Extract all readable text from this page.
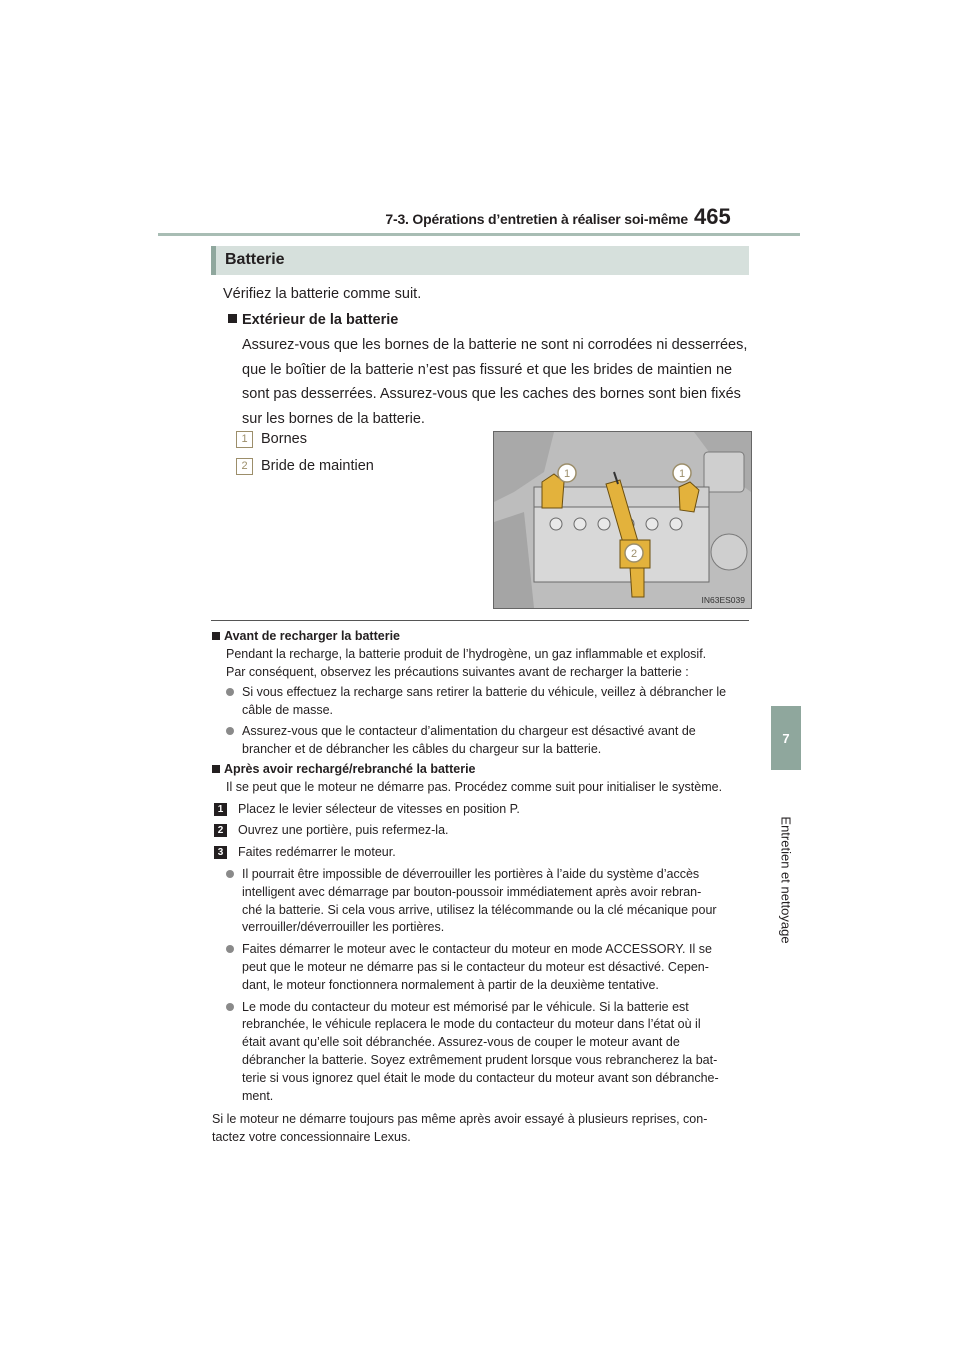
7-3. Opérations d’entretien à réaliser soi-même 465
7
Entretien et nettoyage
Batterie
Vérifiez la batterie comme suit.
Extérieur de la batterie
Assurez-vous que les bornes de la batterie ne sont ni corrodées ni desserrées,
que le boîtier de la batterie n’est pas fissuré et que les brides de maintien ne
sont pas desserrées. Assurez-vous que les caches des bornes sont bien fixés
sur les bornes de la batterie.
1 Bornes
2 Bride de maintien	1	1
2
IN63ES039
Avant de recharger la batterie
Pendant la recharge, la batterie produit de l’hydrogène, un gaz inflammable et explosif.
Par conséquent, observez les précautions suivantes avant de recharger la batterie :
Si vous effectuez la recharge sans retirer la batterie du véhicule, veillez à débrancher le
câble de masse.
Assurez-vous que le contacteur d’alimentation du chargeur est désactivé avant de
brancher et de débrancher les câbles du chargeur sur la batterie.
Après avoir rechargé/rebranché la batterie
Il se peut que le moteur ne démarre pas. Procédez comme suit pour initialiser le système.
1 Placez le levier sélecteur de vitesses en position P.
2 Ouvrez une portière, puis refermez-la.
3 Faites redémarrer le moteur.
Il pourrait être impossible de déverrouiller les portières à l’aide du système d’accès
intelligent avec démarrage par bouton-poussoir immédiatement après avoir rebran-
ché la batterie. Si cela vous arrive, utilisez la télécommande ou la clé mécanique pour
verrouiller/déverrouiller les portières.
Faites démarrer le moteur avec le contacteur du moteur en mode ACCESSORY. Il se
peut que le moteur ne démarre pas si le contacteur du moteur est désactivé. Cepen-
dant, le moteur fonctionnera normalement à partir de la deuxième tentative.
Le mode du contacteur du moteur est mémorisé par le véhicule. Si la batterie est
rebranchée, le véhicule replacera le mode du contacteur du moteur dans l’état où il
était avant qu’elle soit débranchée. Assurez-vous de couper le moteur avant de
débrancher la batterie. Soyez extrêmement prudent lorsque vous rebrancherez la bat-
terie si vous ignorez quel était le mode du contacteur du moteur avant son débranche-
ment.
Si le moteur ne démarre toujours pas même après avoir essayé à plusieurs reprises, con-
tactez votre concessionnaire Lexus.
